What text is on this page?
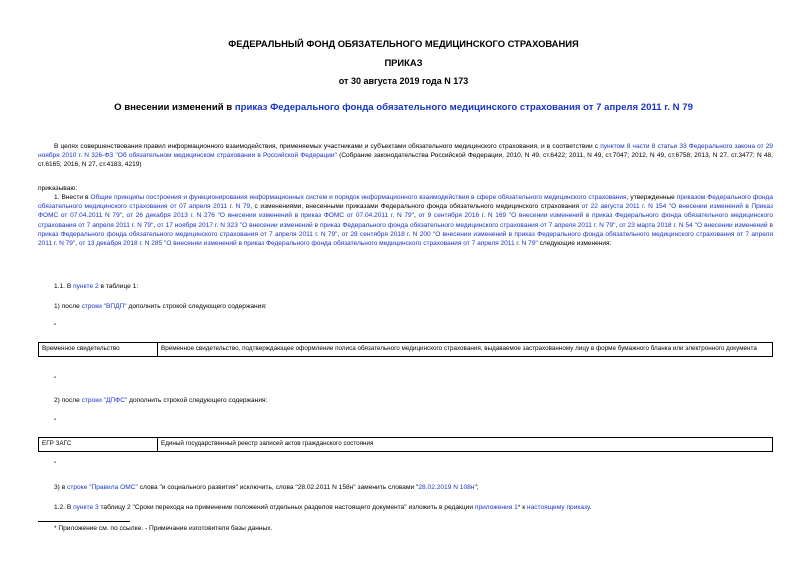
ФЕДЕРАЛЬНЫЙ ФОНД ОБЯЗАТЕЛЬНОГО МЕДИЦИНСКОГО СТРАХОВАНИЯ
ПРИКАЗ
от 30 августа 2019 года N 173
О внесении изменений в приказ Федерального фонда обязательного медицинского страхования от 7 апреля 2011 г. N 79
В целях совершенствования правил информационного взаимодействия, применяемых участниками и субъектами обязательного медицинского страхования, и в соответствии с пунктом 8 части 8 статьи 33 Федерального закона от 29 ноября 2010 г. N 326-ФЗ "Об обязательном медицинском страховании в Российской Федерации" (Собрание законодательства Российской Федерации, 2010, N 49, ст.6422; 2011, N 49, ст.7047; 2012, N 49, ст.6758; 2013, N 27, ст.3477; N 48, ст.6165; 2016, N 27, ст.4183, 4219)
приказываю:
1. Внести в Общие принципы построения и функционирования информационных систем и порядок информационного взаимодействия в сфере обязательного медицинского страхования, утвержденные приказом Федерального фонда обязательного медицинского страхования от 07 апреля 2011 г. N 79, с изменениями, внесенными приказами Федерального фонда обязательного медицинского страхования от 22 августа 2011 г. N 154 "О внесении изменений в Приказ ФОМС от 07.04.2011 N 79", от 26 декабря 2013 г. N 276 "О внесении изменений в приказ ФОМС от 07.04.2011 г. N 79", от 9 сентября 2016 г. N 169 "О внесении изменений в приказ Федерального фонда обязательного медицинского страхования от 7 апреля 2011 г. N 79", от 17 ноября 2017 г. N 323 "О внесении изменений в приказ Федерального фонда обязательного медицинского страхования от 7 апреля 2011 г. N 79", от 23 марта 2018 г. N 54 "О внесении изменений в приказ Федерального фонда обязательного медицинского страхования от 7 апреля 2011 г. N 79", от 28 сентября 2018 г. N 200 "О внесении изменений в приказ Федерального фонда обязательного медицинского страхования от 7 апреля 2011 г. N 79", от 13 декабря 2018 г. N 285 "О внесении изменений в приказ Федерального фонда обязательного медицинского страхования от 7 апреля 2011 г. N 79" следующие изменения:
1.1. В пункте 2 в таблице 1:
1) после строки "ВПДП" дополнить строкой следующего содержания:
"
Временное свидетельство	Временное свидетельство, подтверждающее оформление полиса обязательного медицинского страхования, выдаваемое застрахованному лицу в форме бумажного бланка или электронного документа
"
2) после строки "ДПФС" дополнить строкой следующего содержания:
"
ЕГР ЗАГС	Единый государственный реестр записей актов гражданского состояния
"
3) в строке "Правила ОМС" слова "и социального развития" исключить, слова "28.02.2011 N 158н" заменить словами "28.02.2019 N 108н";
1.2. В пункте 3 таблицу 2 "Сроки перехода на применение положений отдельных разделов настоящего документа" изложить в редакции приложения 1* к настоящему приказу.
* Приложение см. по ссылке. - Примечание изготовителя базы данных.
